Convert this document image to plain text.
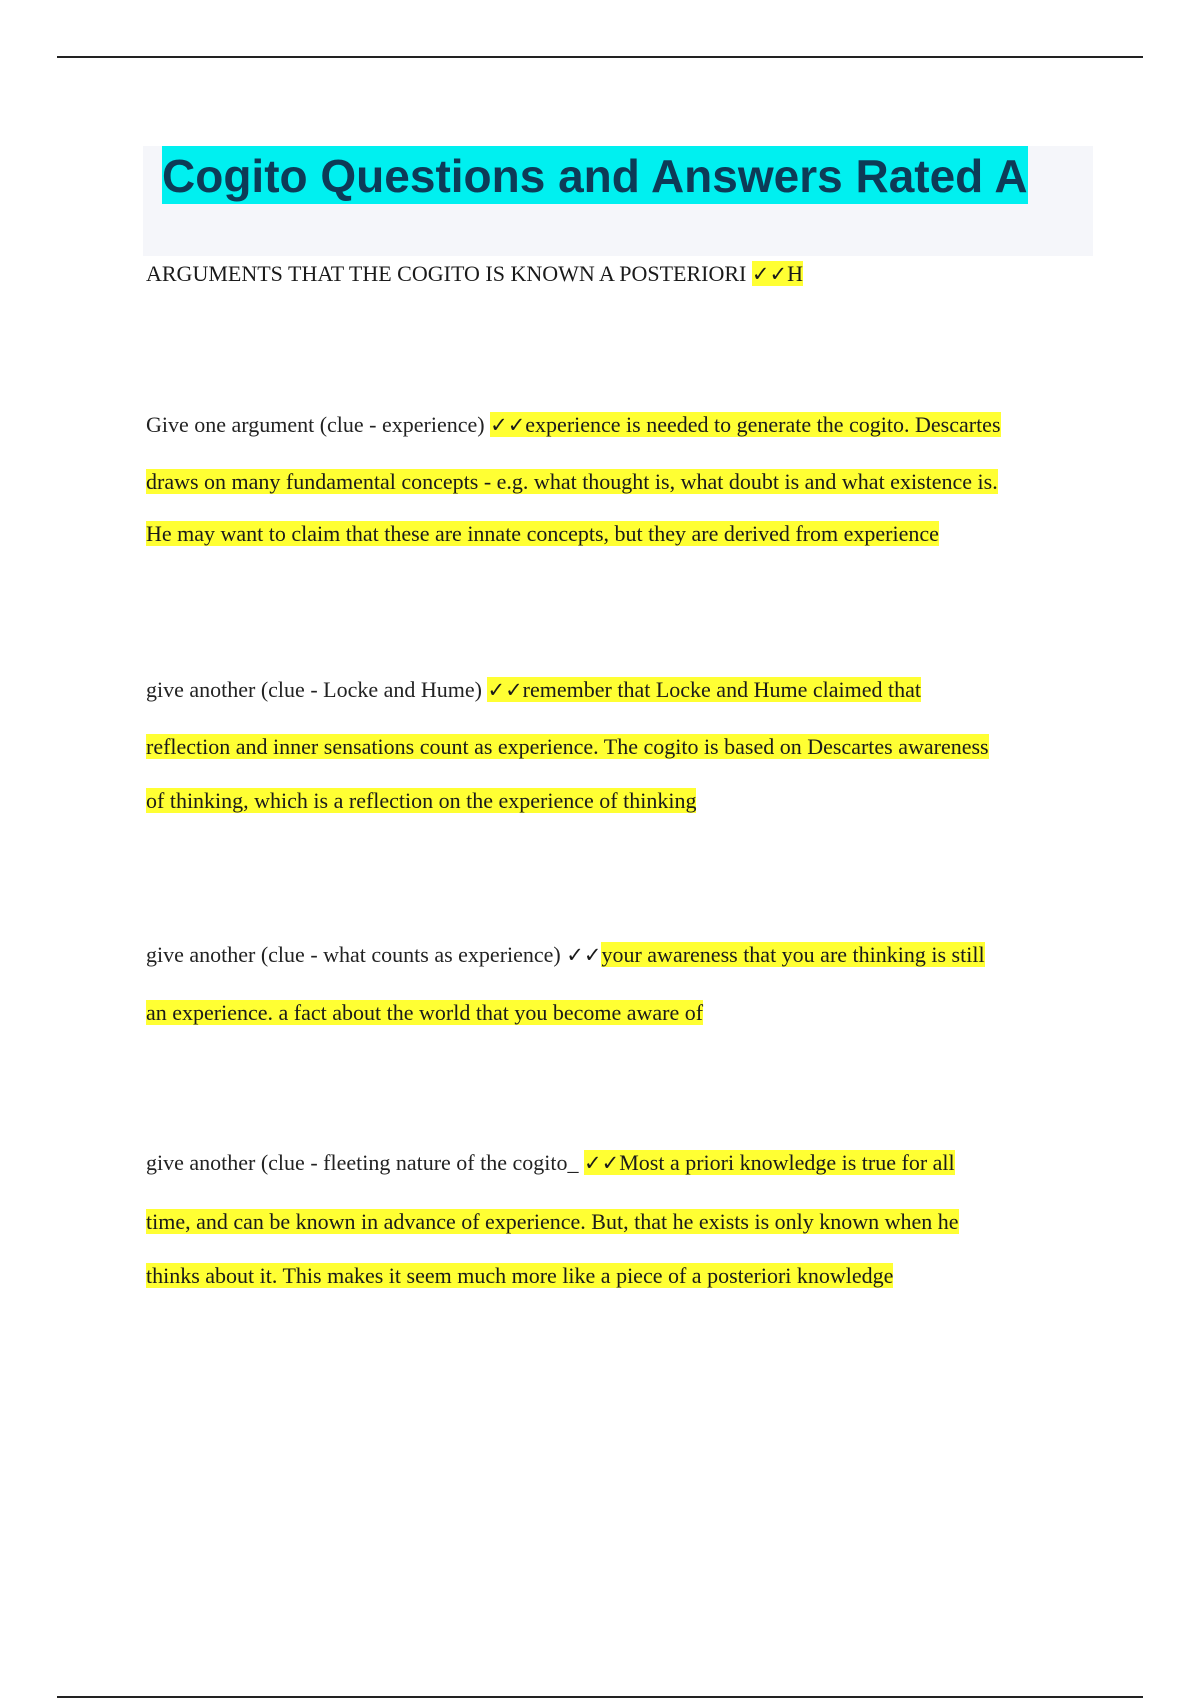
Cogito Questions and Answers Rated A
ARGUMENTS THAT THE COGITO IS KNOWN A POSTERIORI ✓✓H
Give one argument (clue - experience) ✓✓experience is needed to generate the cogito. Descartes
draws on many fundamental concepts - e.g. what thought is, what doubt is and what existence is.
He may want to claim that these are innate concepts, but they are derived from experience
give another (clue - Locke and Hume) ✓✓remember that Locke and Hume claimed that
reflection and inner sensations count as experience. The cogito is based on Descartes awareness
of thinking, which is a reflection on the experience of thinking
give another (clue - what counts as experience) ✓✓your awareness that you are thinking is still
an experience. a fact about the world that you become aware of
give another (clue - fleeting nature of the cogito_ ✓✓Most a priori knowledge is true for all
time, and can be known in advance of experience. But, that he exists is only known when he
thinks about it. This makes it seem much more like a piece of a posteriori knowledge
